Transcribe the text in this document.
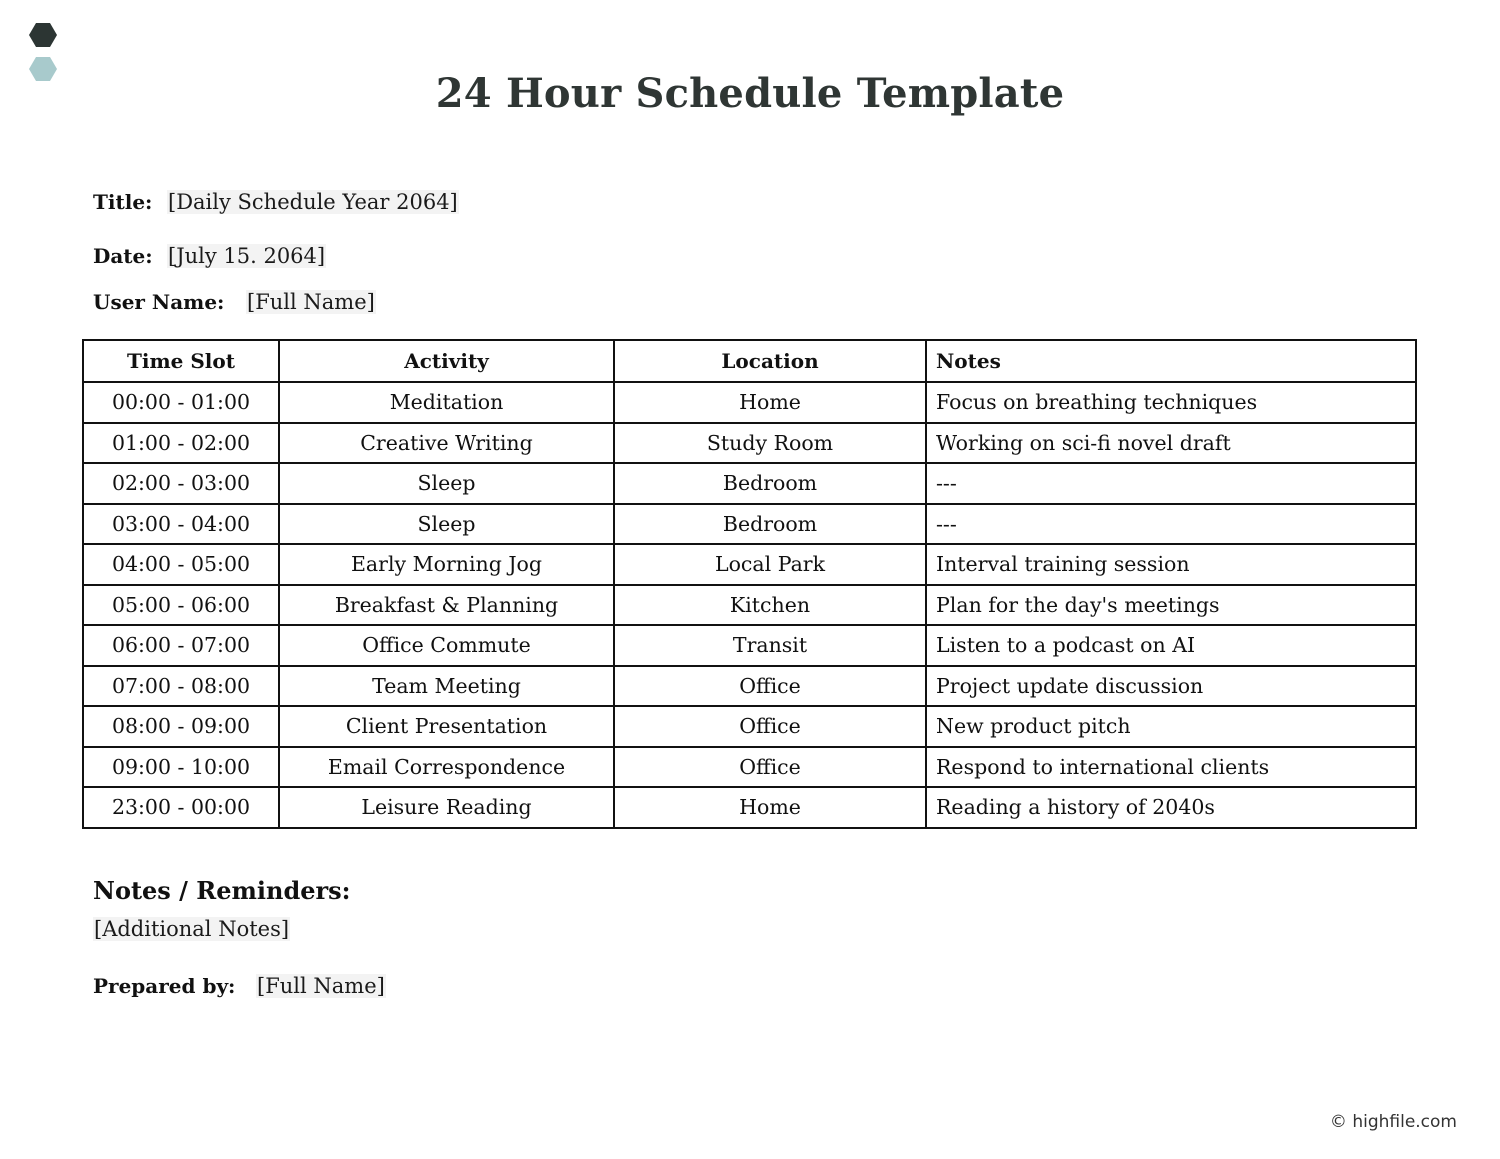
24 Hour Schedule Template
Title: [Daily Schedule Year 2064]
Date: [July 15. 2064]
User Name:	[Full Name]
Time Slot	Activity	Location	Notes
00:00 - 01:00	Meditation	Home	Focus on breathing techniques
01:00 - 02:00	Creative Writing	Study Room	Working on sci-fi novel draft
02:00 - 03:00	Sleep	Bedroom	---
03:00 - 04:00	Sleep	Bedroom	---
04:00 - 05:00	Early Morning Jog	Local Park	Interval training session
05:00 - 06:00	Breakfast & Planning	Kitchen	Plan for the day's meetings
06:00 - 07:00	Office Commute	Transit	Listen to a podcast on AI
07:00 - 08:00	Team Meeting	Office	Project update discussion
08:00 - 09:00	Client Presentation	Office	New product pitch
09:00 - 10:00	Email Correspondence	Office	Respond to international clients
23:00 - 00:00	Leisure Reading	Home	Reading a history of 2040s
Notes / Reminders:
[Additional Notes]
Prepared by:	[Full Name]
© highfile.com
